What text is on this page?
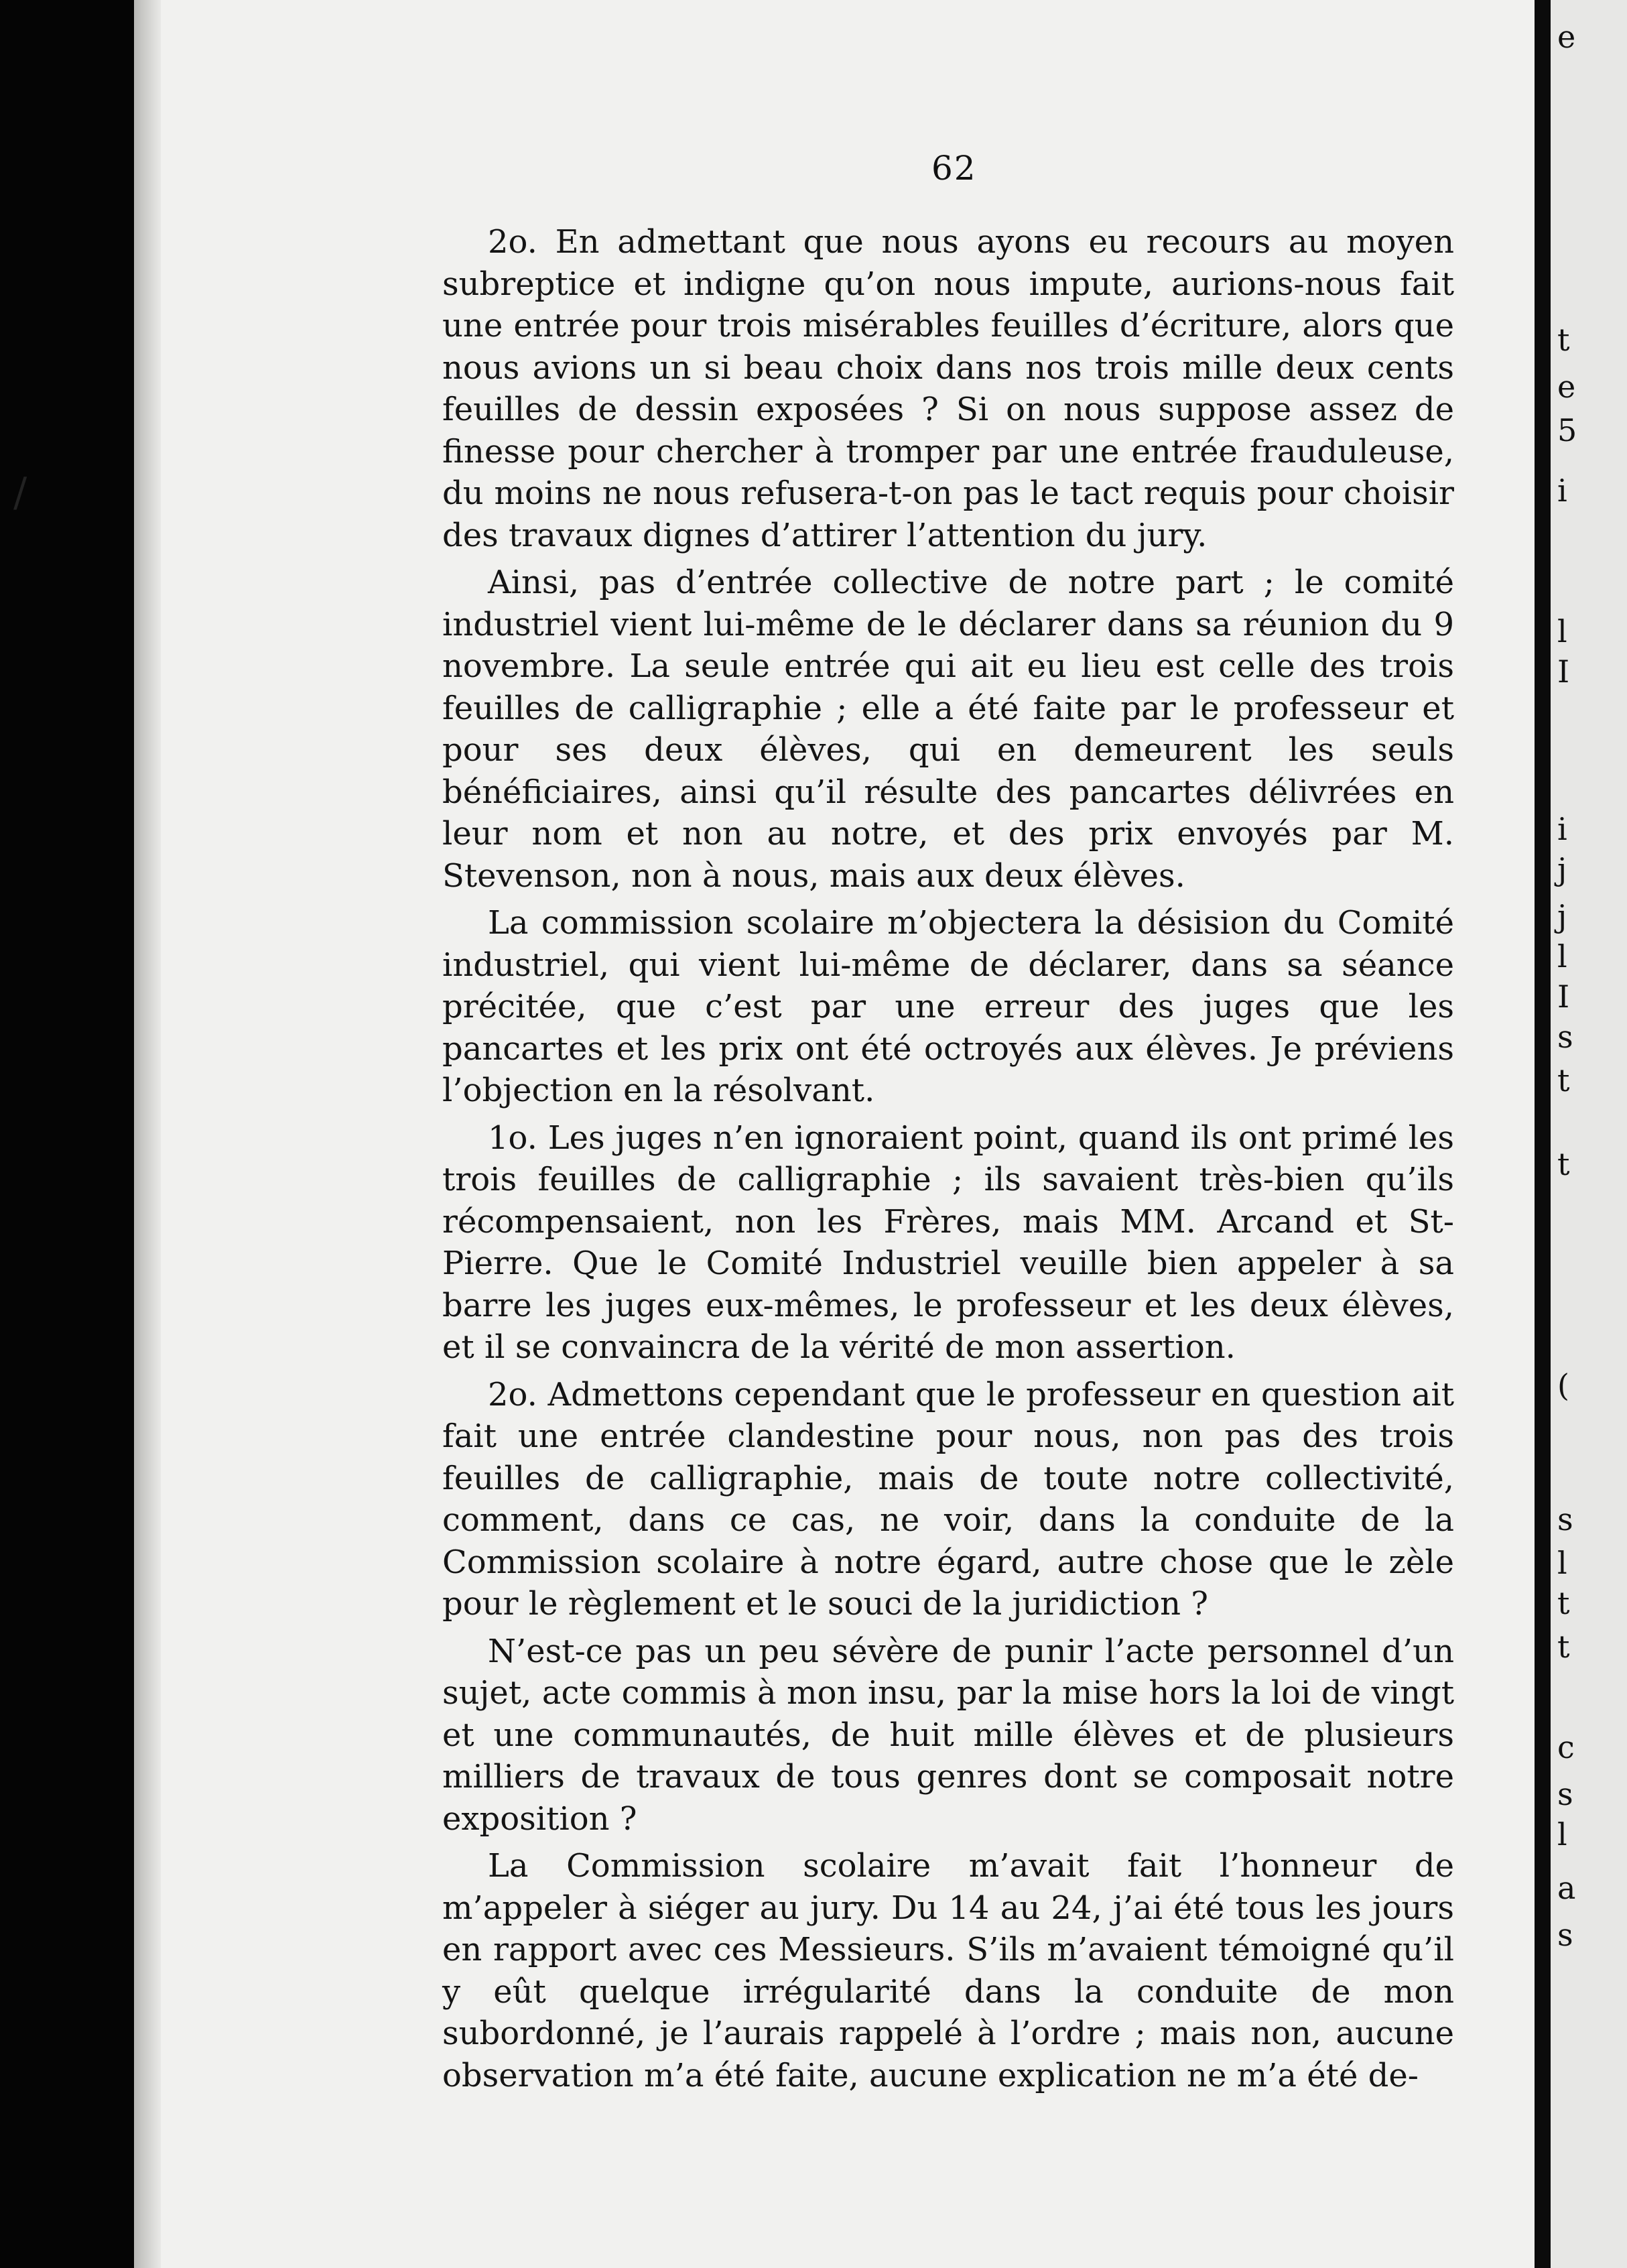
e
t
e
5
i
l
I
i
j
j
l
I
s
t
t
(
s
l
t
t
c
s
l
a
s
62
/

2o. En admettant que nous ayons eu recours au moyen subreptice et indigne qu’on nous impute, aurions-nous fait une entrée pour trois misérables feuilles d’écriture, alors que nous avions un si beau choix dans nos trois mille deux cents feuilles de dessin exposées ? Si on nous suppose assez de finesse pour chercher à tromper par une entrée frauduleuse, du moins ne nous refusera-t-on pas le tact requis pour choisir des travaux dignes d’attirer l’attention du jury.

Ainsi, pas d’entrée collective de notre part ; le comité industriel vient lui-même de le déclarer dans sa réunion du 9 novembre. La seule entrée qui ait eu lieu est celle des trois feuilles de calligraphie ; elle a été faite par le professeur et pour ses deux élèves, qui en demeurent les seuls bénéficiaires, ainsi qu’il résulte des pancartes délivrées en leur nom et non au notre, et des prix envoyés par M. Stevenson, non à nous, mais aux deux élèves.

La commission scolaire m’objectera la désision du Comité industriel, qui vient lui-même de déclarer, dans sa séance précitée, que c’est par une erreur des juges que les pancartes et les prix ont été octroyés aux élèves. Je préviens l’objection en la résolvant.

1o. Les juges n’en ignoraient point, quand ils ont primé les trois feuilles de calligraphie ; ils savaient très-bien qu’ils récompensaient, non les Frères, mais MM. Arcand et St-Pierre. Que le Comité Industriel veuille bien appeler à sa barre les juges eux-mêmes, le professeur et les deux élèves, et il se convaincra de la vérité de mon assertion.

2o. Admettons cependant que le professeur en question ait fait une entrée clandestine pour nous, non pas des trois feuilles de calligraphie, mais de toute notre collectivité, comment, dans ce cas, ne voir, dans la conduite de la Commission scolaire à notre égard, autre chose que le zèle pour le règlement et le souci de la juridiction ?

N’est-ce pas un peu sévère de punir l’acte personnel d’un sujet, acte commis à mon insu, par la mise hors la loi de vingt et une communautés, de huit mille élèves et de plusieurs milliers de travaux de tous genres dont se composait notre exposition ?

La Commission scolaire m’avait fait l’honneur de m’appeler à siéger au jury. Du 14 au 24, j’ai été tous les jours en rapport avec ces Messieurs. S’ils m’avaient témoigné qu’il y eût quelque irrégularité dans la conduite de mon subordonné, je l’aurais rappelé à l’ordre ; mais non, aucune observation m’a été faite, aucune explication ne m’a été de-
